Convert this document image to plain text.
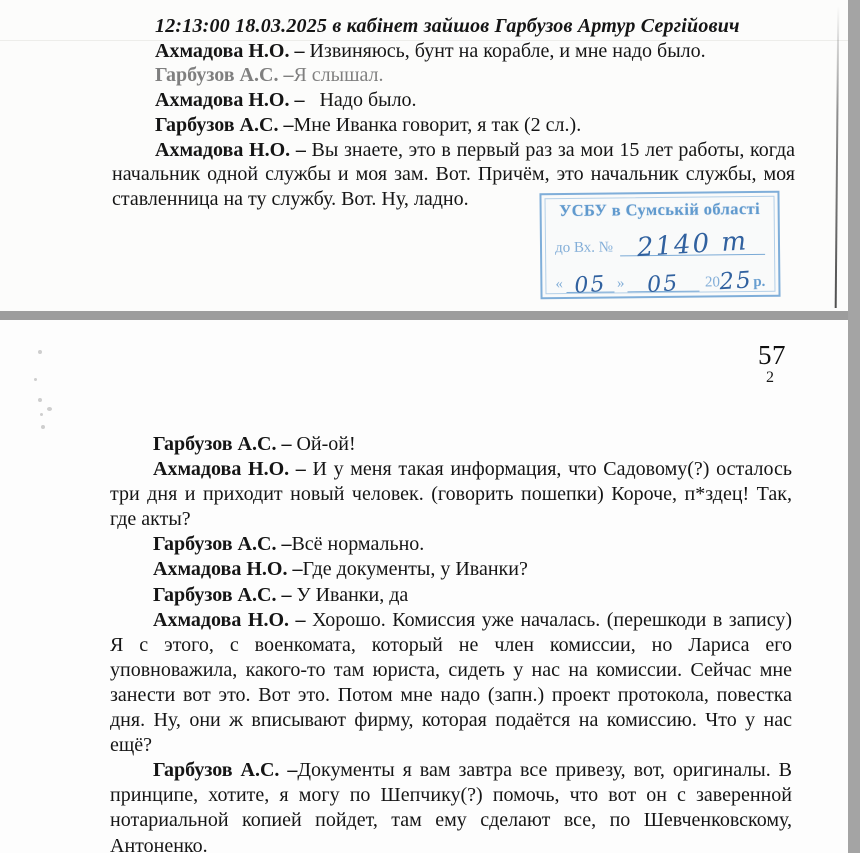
12:13:00 18.03.2025 в кабінет зайшов Гарбузов Артур Сергійович

Ахмадова Н.О. – Извиняюсь, бунт на корабле, и мне надо было.

Гарбузов А.С. –Я слышал.

Ахмадова Н.О. –   Надо было.

Гарбузов А.С. –Мне Иванка говорит, я так (2 сл.).

Ахмадова Н.О. – Вы знаете, это в первый раз за мои 15 лет работы, когда начальник одной службы и моя зам. Вот. Причём, это начальник службы, моя ставленница на ту службу. Вот. Ну, ладно.	УСБУ в Сумській області
до Вх. № 2140 т
« 05 » 05	20
25 р.
57
2

Гарбузов А.С. – Ой-ой!

Ахмадова Н.О. – И у меня такая информация, что Садовому(?) осталось три дня и приходит новый человек. (говорить пошепки) Короче, п*здец! Так, где акты?

Гарбузов А.С. –Всё нормально.

Ахмадова Н.О. –Где документы, у Иванки?

Гарбузов А.С. – У Иванки, да

Ахмадова Н.О. – Хорошо. Комиссия уже началась. (перешкоди в запису) Я с этого, с военкомата, который не член комиссии, но Лариса его уповноважила, какого-то там юриста, сидеть у нас на комиссии. Сейчас мне занести вот это. Вот это. Потом мне надо (запн.) проект протокола, повестка дня. Ну, они ж вписывают фирму, которая подаётся на комиссию. Что у нас ещё?

Гарбузов А.С. –Документы я вам завтра все привезу, вот, оригиналы. В принципе, хотите, я могу по Шепчику(?) помочь, что вот он с заверенной нотариальной копией пойдет, там ему сделают все, по Шевченковскому, Антоненко.
